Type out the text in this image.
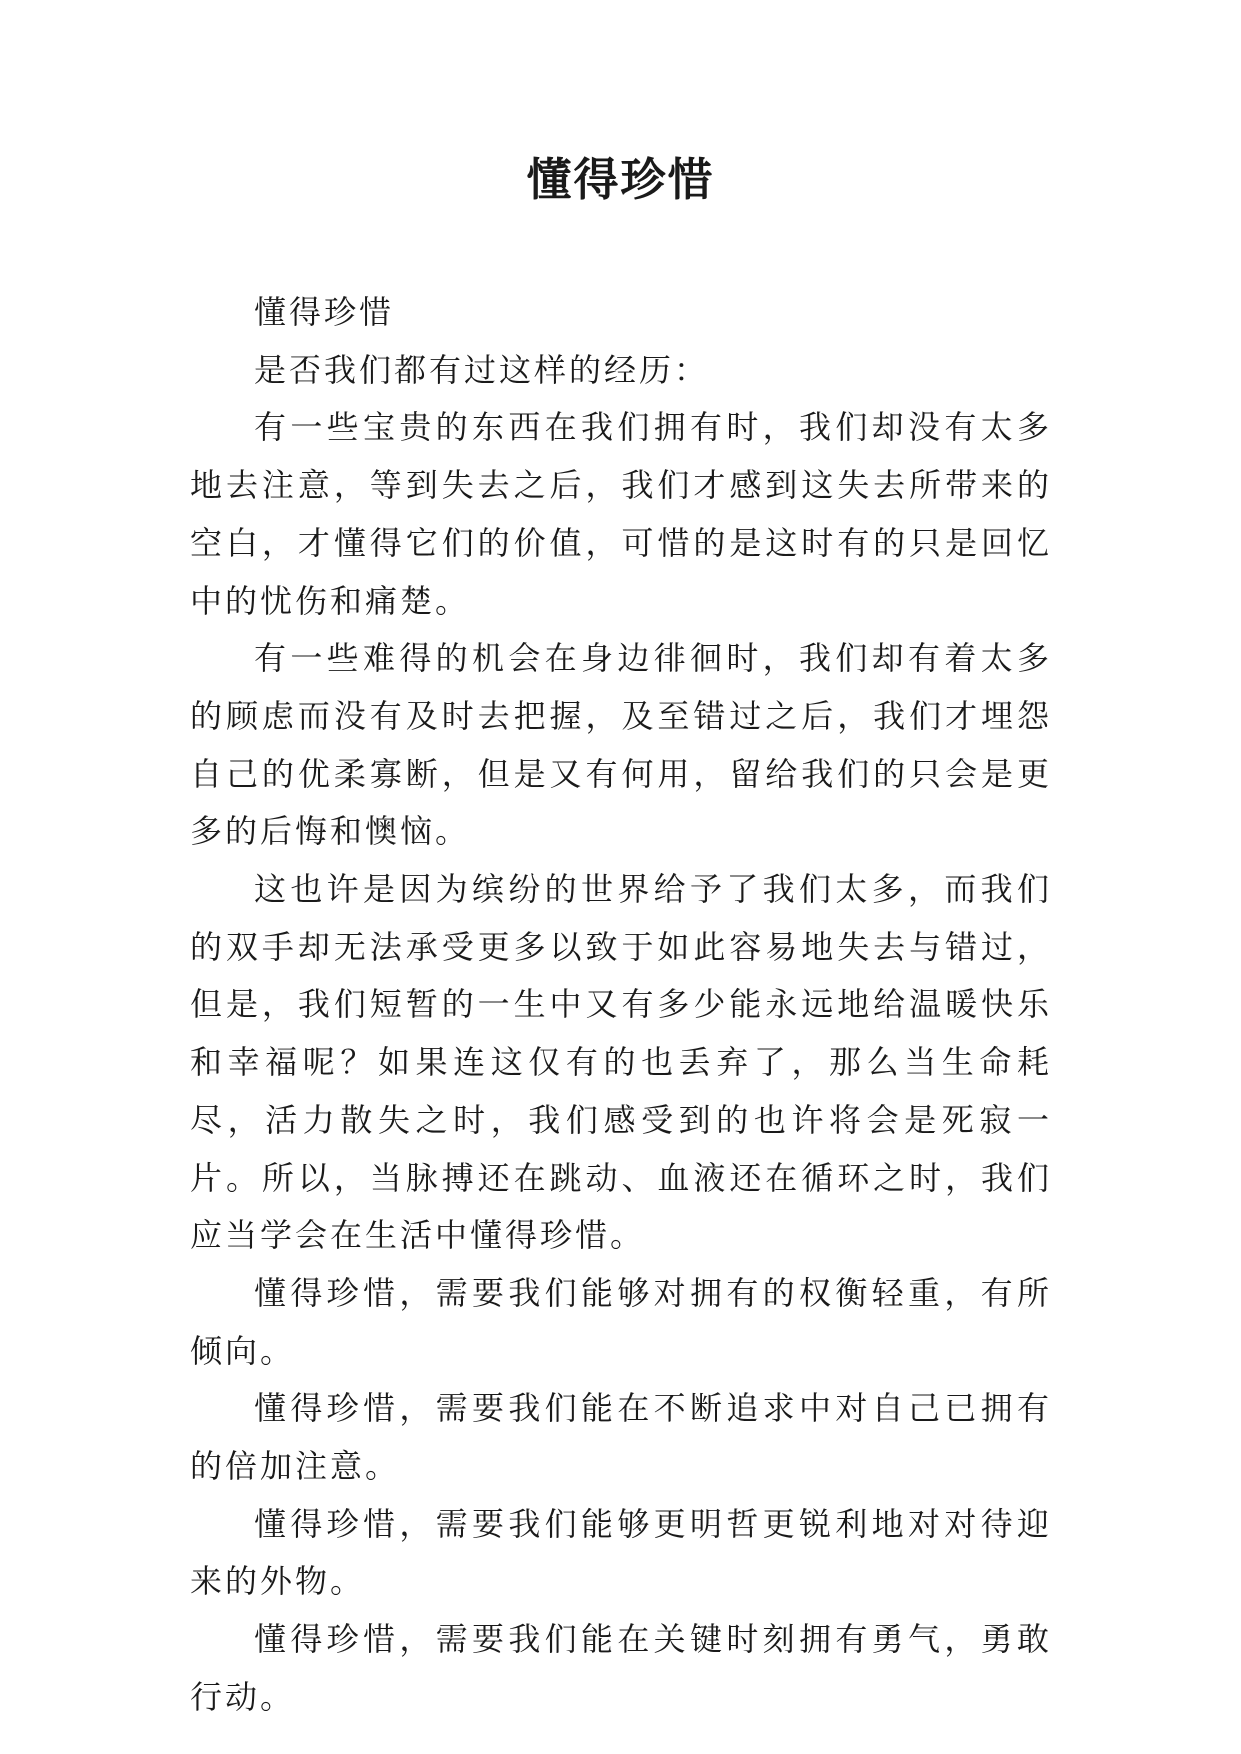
懂得珍惜

懂得珍惜

是否我们都有过这样的经历：

有一些宝贵的东西在我们拥有时，我们却没有太多地去注意，等到失去之后，我们才感到这失去所带来的空白，才懂得它们的价值，可惜的是这时有的只是回忆中的忧伤和痛楚。

有一些难得的机会在身边徘徊时，我们却有着太多的顾虑而没有及时去把握，及至错过之后，我们才埋怨自己的优柔寡断，但是又有何用，留给我们的只会是更多的后悔和懊恼。

这也许是因为缤纷的世界给予了我们太多，而我们的双手却无法承受更多以致于如此容易地失去与错过，但是，我们短暂的一生中又有多少能永远地给温暖快乐和幸福呢？如果连这仅有的也丢弃了，那么当生命耗尽，活力散失之时，我们感受到的也许将会是死寂一片。所以，当脉搏还在跳动、血液还在循环之时，我们应当学会在生活中懂得珍惜。

懂得珍惜，需要我们能够对拥有的权衡轻重，有所倾向。

懂得珍惜，需要我们能在不断追求中对自己已拥有的倍加注意。

懂得珍惜，需要我们能够更明哲更锐利地对对待迎来的外物。

懂得珍惜，需要我们能在关键时刻拥有勇气，勇敢行动。
